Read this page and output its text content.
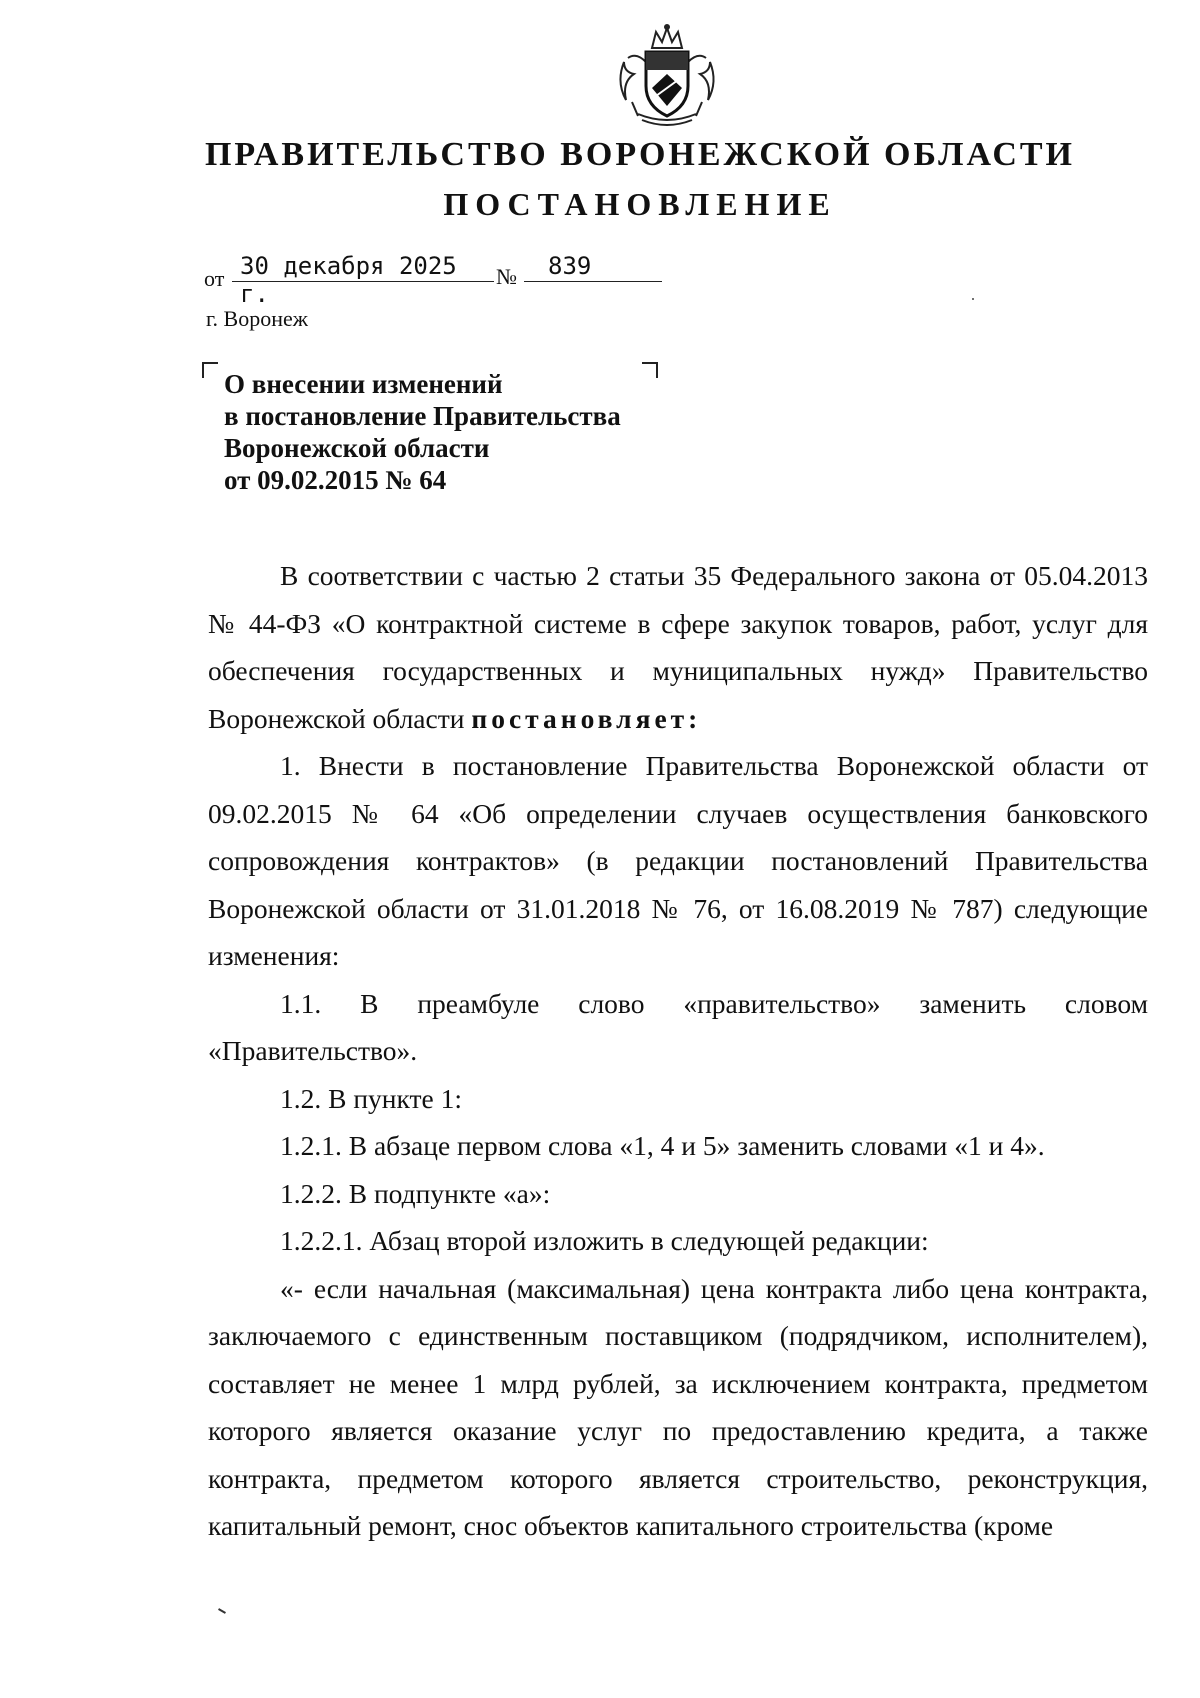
ПРАВИТЕЛЬСТВО ВОРОНЕЖСКОЙ ОБЛАСТИ
ПОСТАНОВЛЕНИЕ
от 30 декабря 2025 г.
№	839
г. Воронеж
О внесении изменений
в постановление Правительства
Воронежской области
от 09.02.2015 № 64

В соответствии с частью 2 статьи 35 Федерального закона от 05.04.2013 № 44-ФЗ «О контрактной системе в сфере закупок товаров, работ, услуг для обеспечения государственных и муниципальных нужд» Правительство Воронежской области постановляет:

1. Внести в постановление Правительства Воронежской области от 09.02.2015 № 64 «Об определении случаев осуществления банковского сопровождения контрактов» (в редакции постановлений Правительства Воронежской области от 31.01.2018 № 76, от 16.08.2019 № 787) следующие изменения:

1.1. В преамбуле слово «правительство» заменить словом «Правительство».

1.2. В пункте 1:

1.2.1. В абзаце первом слова «1, 4 и 5» заменить словами «1 и 4».

1.2.2. В подпункте «а»:

1.2.2.1. Абзац второй изложить в следующей редакции:

«- если начальная (максимальная) цена контракта либо цена контракта, заключаемого с единственным поставщиком (подрядчиком, исполнителем), составляет не менее 1 млрд рублей, за исключением контракта, предметом которого является оказание услуг по предоставлению кредита, а также контракта, предметом которого является строительство, реконструкция, капитальный ремонт, снос объектов капитального строительства (кроме
